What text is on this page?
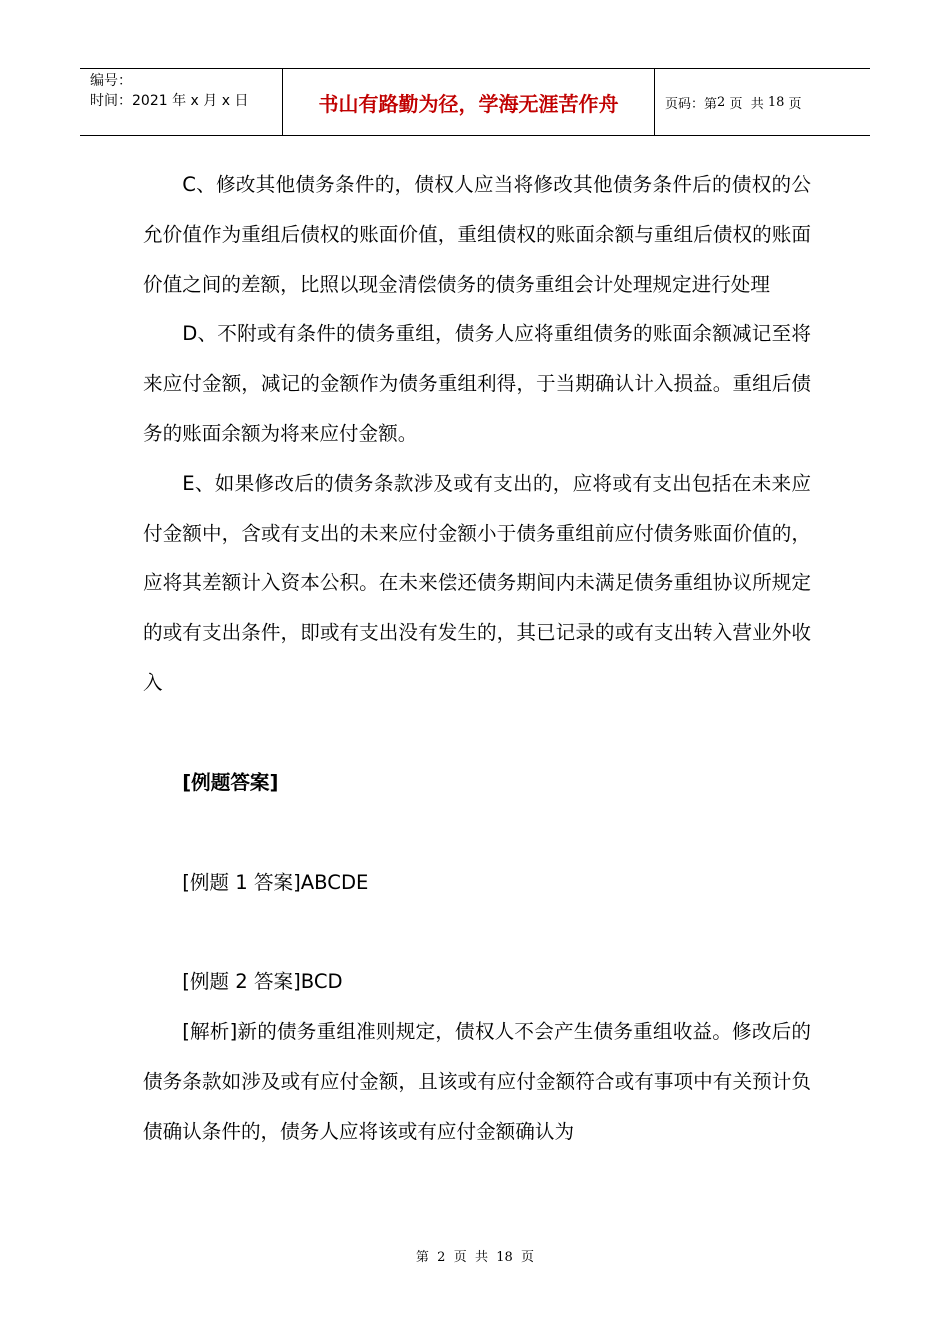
编号：
时间：2021 年 x 月 x 日	书山有路勤为径，学海无涯苦作舟	页码：第 2
页  共
18
页

C、修改其他债务条件的，债权人应当将修改其他债务条件后的债权的公允价值作为重组后债权的账面价值，重组债权的账面余额与重组后债权的账面价值之间的差额，比照以现金清偿债务的债务重组会计处理规定进行处理

D、不附或有条件的债务重组，债务人应将重组债务的账面余额减记至将来应付金额，减记的金额作为债务重组利得，于当期确认计入损益。重组后债务的账面余额为将来应付金额。

E、如果修改后的债务条款涉及或有支出的，应将或有支出包括在未来应付金额中，含或有支出的未来应付金额小于债务重组前应付债务账面价值的，应将其差额计入资本公积。在未来偿还债务期间内未满足债务重组协议所规定的或有支出条件，即或有支出没有发生的，其已记录的或有支出转入营业外收入

[例题答案]

[例题 1 答案]ABCDE

[例题 2 答案]BCD

[解析]新的债务重组准则规定，债权人不会产生债务重组收益。修改后的债务条款如涉及或有应付金额，且该或有应付金额符合或有事项中有关预计负债确认条件的，债务人应将该或有应付金额确认为

第  2  页  共  18  页
